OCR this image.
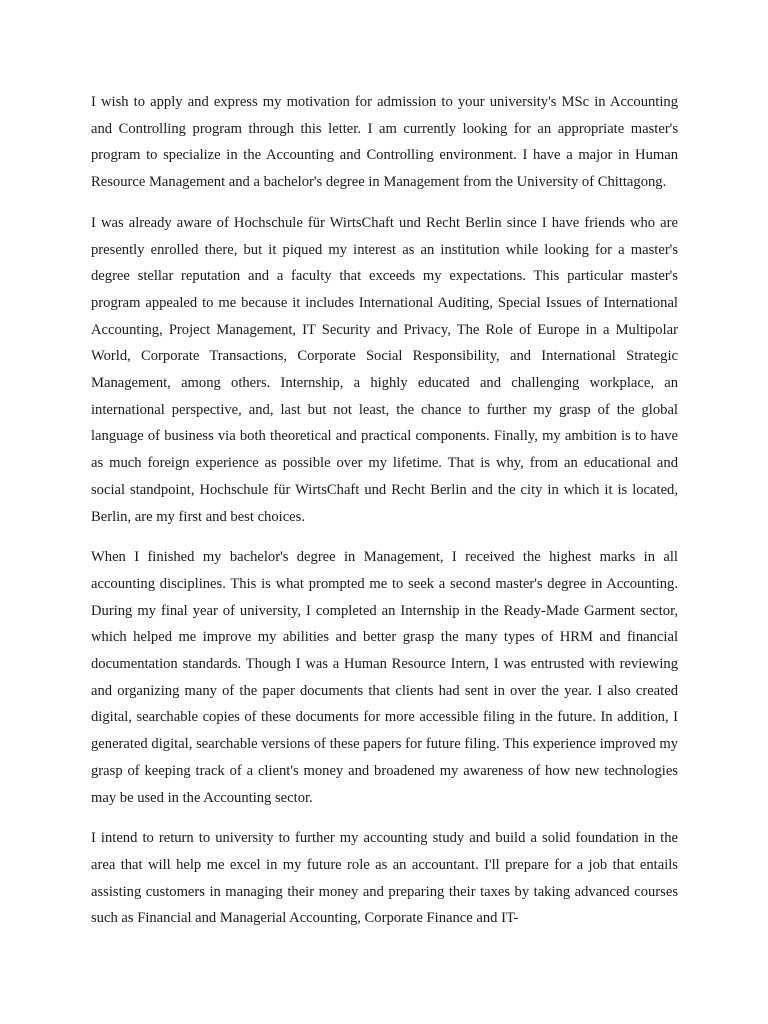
I wish to apply and express my motivation for admission to your university's MSc in Accounting and Controlling program through this letter. I am currently looking for an appropriate master's program to specialize in the Accounting and Controlling environment. I have a major in Human Resource Management and a bachelor's degree in Management from the University of Chittagong.

I was already aware of Hochschule für WirtsChaft und Recht Berlin since I have friends who are presently enrolled there, but it piqued my interest as an institution while looking for a master's degree stellar reputation and a faculty that exceeds my expectations. This particular master's program appealed to me because it includes International Auditing, Special Issues of International Accounting, Project Management, IT Security and Privacy, The Role of Europe in a Multipolar World, Corporate Transactions, Corporate Social Responsibility, and International Strategic Management, among others. Internship, a highly educated and challenging workplace, an international perspective, and, last but not least, the chance to further my grasp of the global language of business via both theoretical and practical components. Finally, my ambition is to have as much foreign experience as possible over my lifetime. That is why, from an educational and social standpoint, Hochschule für WirtsChaft und Recht Berlin and the city in which it is located, Berlin, are my first and best choices.

When I finished my bachelor's degree in Management, I received the highest marks in all accounting disciplines. This is what prompted me to seek a second master's degree in Accounting. During my final year of university, I completed an Internship in the Ready-Made Garment sector, which helped me improve my abilities and better grasp the many types of HRM and financial documentation standards. Though I was a Human Resource Intern, I was entrusted with reviewing and organizing many of the paper documents that clients had sent in over the year. I also created digital, searchable copies of these documents for more accessible filing in the future. In addition, I generated digital, searchable versions of these papers for future filing. This experience improved my grasp of keeping track of a client's money and broadened my awareness of how new technologies may be used in the Accounting sector.

I intend to return to university to further my accounting study and build a solid foundation in the area that will help me excel in my future role as an accountant. I'll prepare for a job that entails assisting customers in managing their money and preparing their taxes by taking advanced courses such as Financial and Managerial Accounting, Corporate Finance and IT-
